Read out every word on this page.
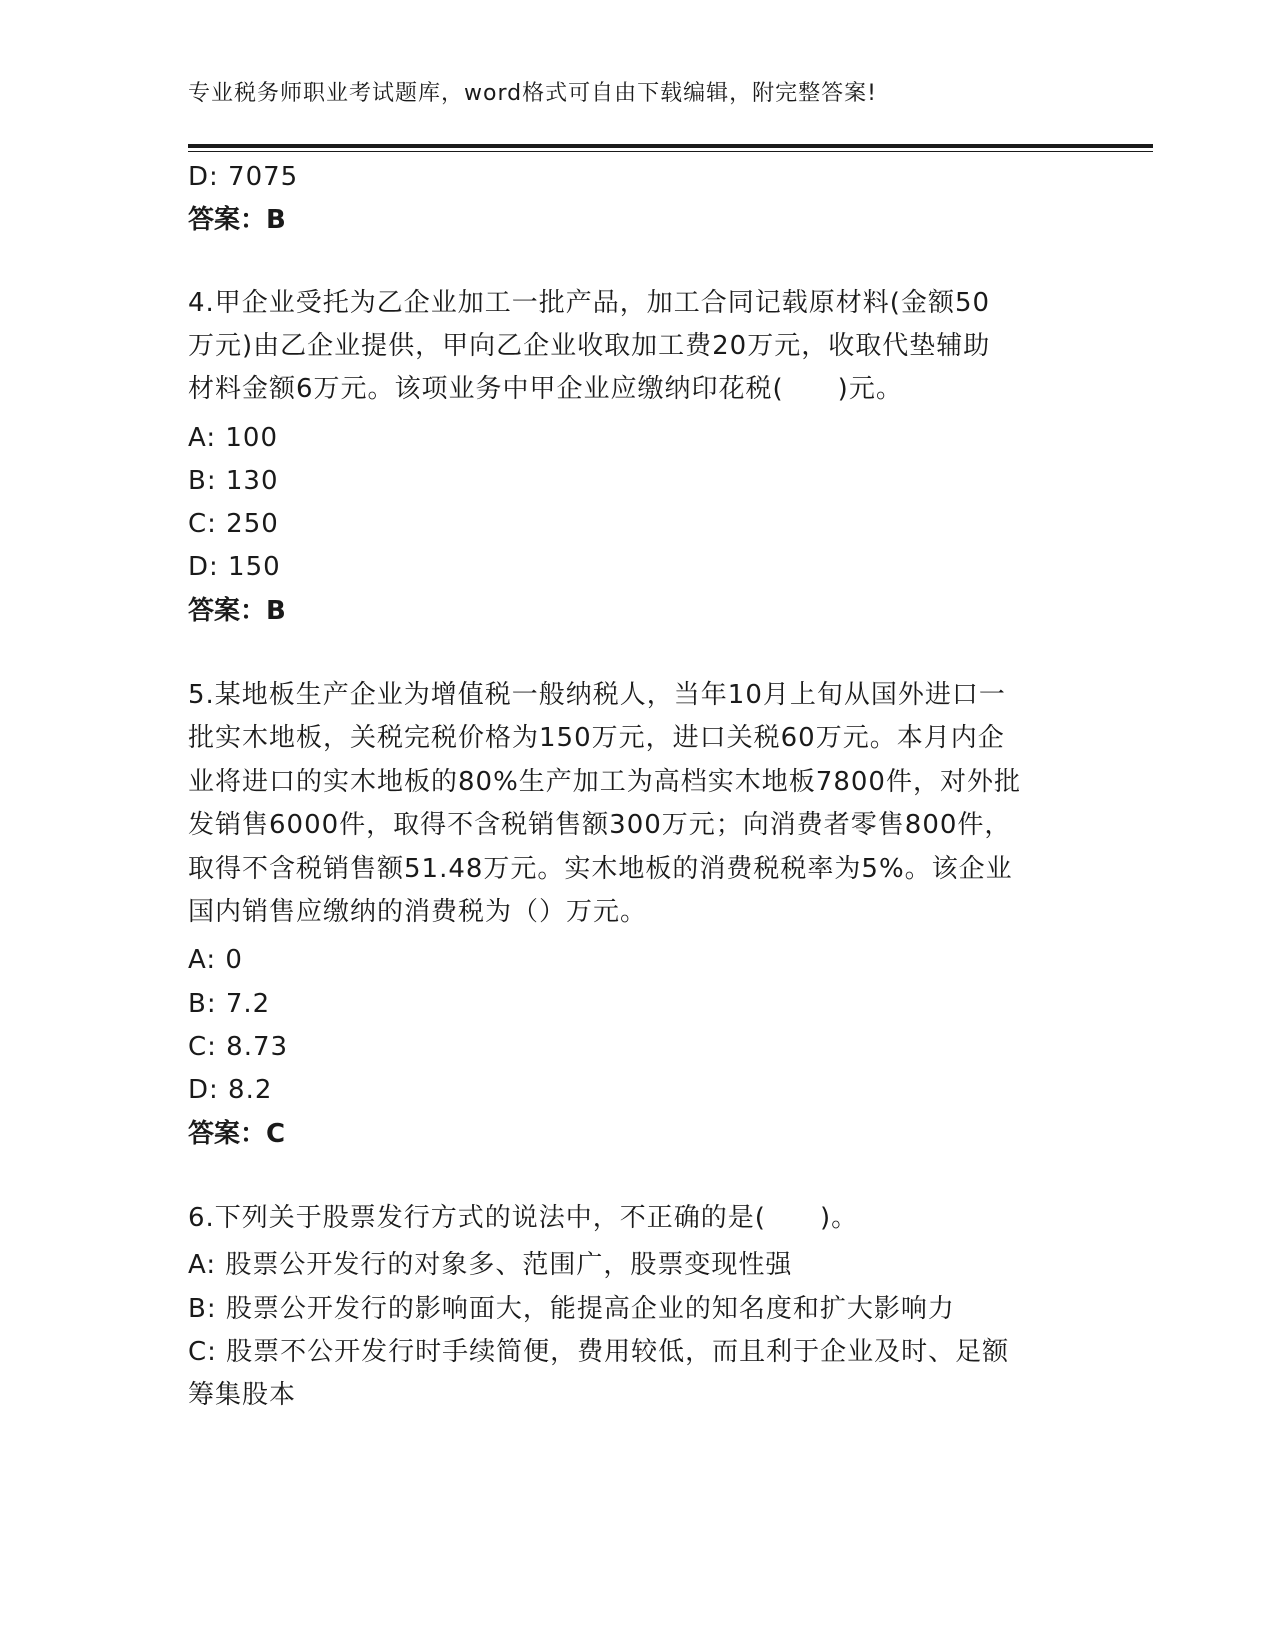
专业税务师职业考试题库，word格式可自由下载编辑，附完整答案!
D: 7075
答案：B
4.甲企业受托为乙企业加工一批产品，加工合同记载原材料(金额50
万元)由乙企业提供，甲向乙企业收取加工费20万元，收取代垫辅助
材料金额6万元。该项业务中甲企业应缴纳印花税(　　)元。
A: 100
B: 130
C: 250
D: 150
答案：B
5.某地板生产企业为增值税一般纳税人，当年10月上旬从国外进口一
批实木地板，关税完税价格为150万元，进口关税60万元。本月内企
业将进口的实木地板的80%生产加工为高档实木地板7800件，对外批
发销售6000件，取得不含税销售额300万元；向消费者零售800件，
取得不含税销售额51.48万元。实木地板的消费税税率为5%。该企业
国内销售应缴纳的消费税为（）万元。
A: 0
B: 7.2
C: 8.73
D: 8.2
答案：C
6.下列关于股票发行方式的说法中，不正确的是(　　)。
A: 股票公开发行的对象多、范围广，股票变现性强
B: 股票公开发行的影响面大，能提高企业的知名度和扩大影响力
C: 股票不公开发行时手续简便，费用较低，而且利于企业及时、足额
筹集股本
